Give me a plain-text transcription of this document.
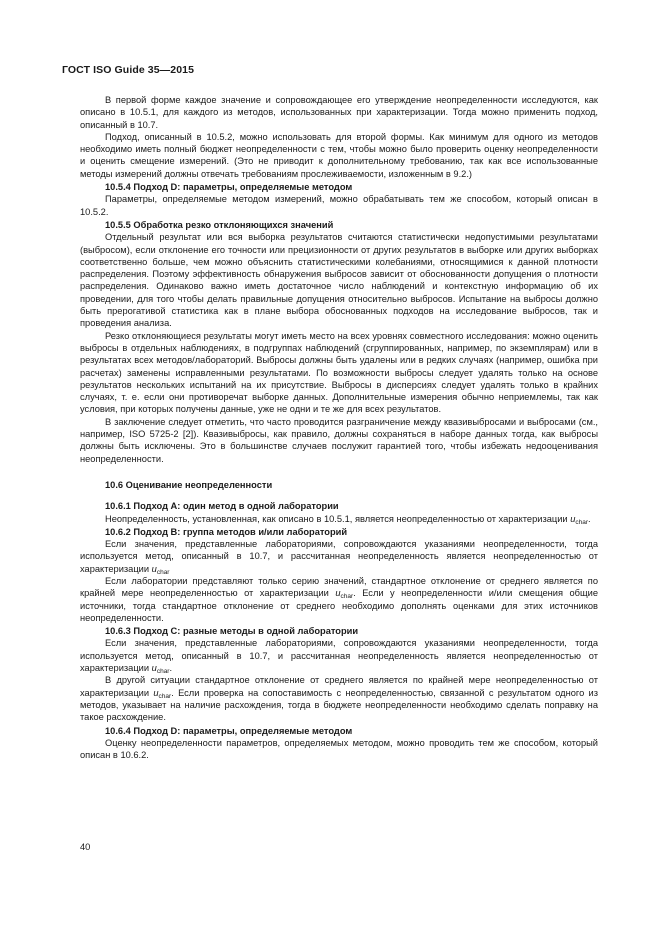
ГОСТ ISO Guide 35—2015

В первой форме каждое значение и сопровождающее его утверждение неопределенности исследуются, как описано в 10.5.1, для каждого из методов, использованных при характеризации. Тогда можно применить подход, описанный в 10.7.

Подход, описанный в 10.5.2, можно использовать для второй формы. Как минимум для одного из методов необходимо иметь полный бюджет неопределенности с тем, чтобы можно было проверить оценку неопределенности и оценить смещение измерений. (Это не приводит к дополнительному требованию, так как все использованные методы измерений должны отвечать требованиям прослеживаемости, изложенным в 9.2.)

10.5.4 Подход D: параметры, определяемые методом

Параметры, определяемые методом измерений, можно обрабатывать тем же способом, который описан в 10.5.2.

10.5.5 Обработка резко отклоняющихся значений

Отдельный результат или вся выборка результатов считаются статистически недопустимыми результатами (выбросом), если отклонение его точности или прецизионности от других результатов в выборке или других выборках соответственно больше, чем можно объяснить статистическими колебаниями, относящимися к данной плотности распределения. Поэтому эффективность обнаружения выбросов зависит от обоснованности допущения о плотности распределения. Одинаково важно иметь достаточное число наблюдений и контекстную информацию об их проведении, для того чтобы делать правильные допущения относительно выбросов. Испытание на выбросы должно быть прерогативой статистика как в плане выбора обоснованных подходов на исследование выбросов, так и проведения анализа.

Резко отклоняющиеся результаты могут иметь место на всех уровнях совместного исследования: можно оценить выбросы в отдельных наблюдениях, в подгруппах наблюдений (сгруппированных, например, по экземплярам) или в результатах всех методов/лабораторий. Выбросы должны быть удалены или в редких случаях (например, ошибка при расчетах) заменены исправленными результатами. По возможности выбросы следует удалять только на основе результатов нескольких испытаний на их присутствие. Выбросы в дисперсиях следует удалять только в крайних случаях, т. е. если они противоречат выборке данных. Дополнительные измерения обычно неприемлемы, так как условия, при которых получены данные, уже не одни и те же для всех результатов.

В заключение следует отметить, что часто проводится разграничение между квазивыбросами и выбросами (см., например, ISO 5725-2 [2]). Квазивыбросы, как правило, должны сохраняться в наборе данных тогда, как выбросы должны быть исключены. Это в большинстве случаев послужит гарантией того, чтобы избежать недооценивания неопределенности.

10.6 Оценивание неопределенности
10.6.1 Подход А: один метод в одной лаборатории

Неопределенность, установленная, как описано в 10.5.1, является неопределенностью от характеризации $u_{char}$.

10.6.2 Подход В: группа методов и/или лабораторий

Если значения, представленные лабораториями, сопровождаются указаниями неопределенности, тогда используется метод, описанный в 10.7, и рассчитанная неопределенность является неопределенностью от характеризации $u_{char}$

Если лаборатории представляют только серию значений, стандартное отклонение от среднего является по крайней мере неопределенностью от характеризации $u_{char}$. Если у неопределенности и/или смещения общие источники, тогда стандартное отклонение от среднего необходимо дополнять оценками для этих источников неопределенности.

10.6.3 Подход С: разные методы в одной лаборатории

Если значения, представленные лабораториями, сопровождаются указаниями неопределенности, тогда используется метод, описанный в 10.7, и рассчитанная неопределенность является неопределенностью от характеризации $u_{char}$.

В другой ситуации стандартное отклонение от среднего является по крайней мере неопределенностью от характеризации $u_{char}$. Если проверка на сопоставимость с неопределенностью, связанной с результатом одного из методов, указывает на наличие расхождения, тогда в бюджете неопределенности необходимо сделать поправку на такое расхождение.

10.6.4 Подход D: параметры, определяемые методом

Оценку неопределенности параметров, определяемых методом, можно проводить тем же способом, который описан в 10.6.2.

40
